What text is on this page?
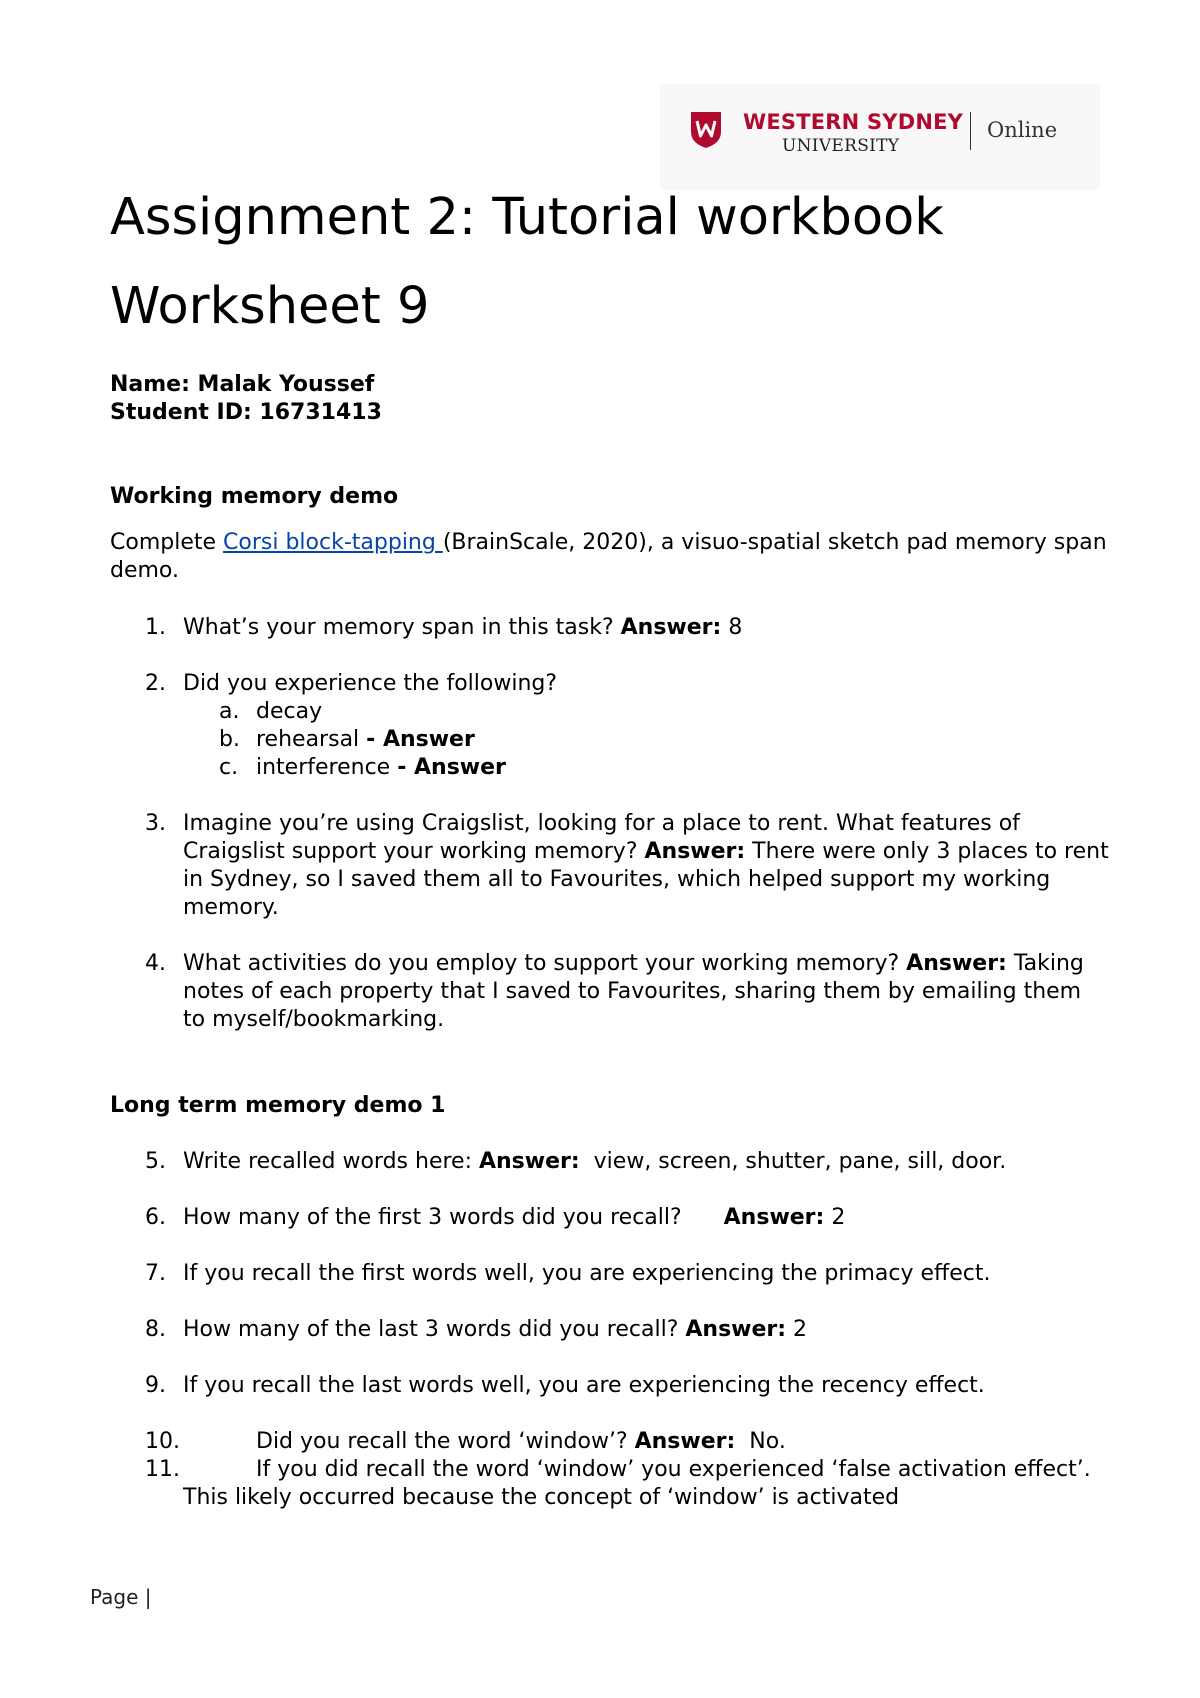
WESTERN SYDNEY
UNIVERSITY
Online
Assignment 2: Tutorial workbook
Worksheet 9
Name: Malak Youssef
Student ID: 16731413
Working memory demo
Complete Corsi block-tapping (BrainScale, 2020), a visuo-spatial sketch pad memory span demo.
1. What’s your memory span in this task? Answer: 8
2. Did you experience the following?
a. decay
b. rehearsal - Answer
c. interference - Answer
3. Imagine you’re using Craigslist, looking for a place to rent. What features of Craigslist support your working memory? Answer: There were only 3 places to rent in Sydney, so I saved them all to Favourites, which helped support my working memory.
4. What activities do you employ to support your working memory? Answer: Taking notes of each property that I saved to Favourites, sharing them by emailing them to myself/bookmarking.
Long term memory demo 1
5. Write recalled words here: Answer:  view, screen, shutter, pane, sill, door.
6. How many of the first 3 words did you recall?      Answer: 2
7. If you recall the first words well, you are experiencing the primacy effect.
8. How many of the last 3 words did you recall? Answer: 2
9. If you recall the last words well, you are experiencing the recency effect.
10.	Did you recall the word ‘window’? Answer:  No.
11.	If you did recall the word ‘window’ you experienced ‘false activation effect’. This likely occurred because the concept of ‘window’ is activated
Page |
